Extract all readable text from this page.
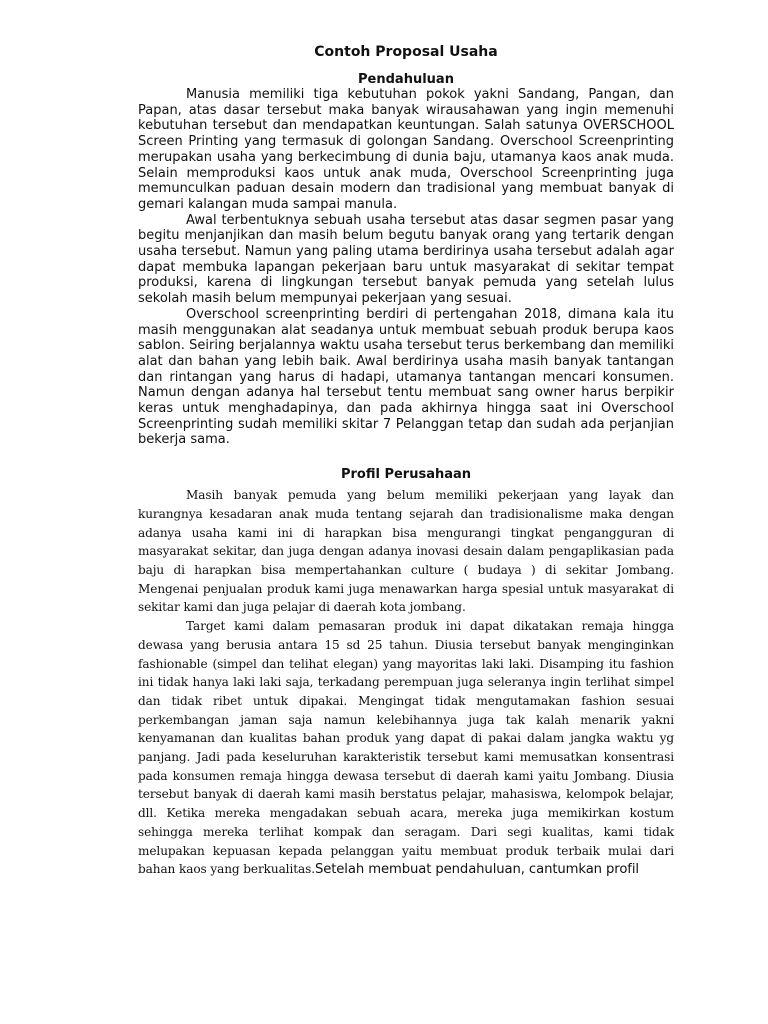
Contoh Proposal Usaha
Pendahuluan

Manusia memiliki tiga kebutuhan pokok yakni Sandang, Pangan, dan Papan, atas dasar tersebut maka banyak wirausahawan yang ingin memenuhi kebutuhan tersebut dan mendapatkan keuntungan. Salah satunya OVERSCHOOL Screen Printing yang termasuk di golongan Sandang. Overschool Screenprinting merupakan usaha yang berkecimbung di dunia baju, utamanya kaos anak muda. Selain memproduksi kaos untuk anak muda, Overschool Screenprinting juga memunculkan paduan desain modern dan tradisional yang membuat banyak di gemari kalangan muda sampai manula.

Awal terbentuknya sebuah usaha tersebut atas dasar segmen pasar yang begitu menjanjikan dan masih belum begutu banyak orang yang tertarik dengan usaha tersebut. Namun yang paling utama berdirinya usaha tersebut adalah agar dapat membuka lapangan pekerjaan baru untuk masyarakat di sekitar tempat produksi, karena di lingkungan tersebut banyak pemuda yang setelah lulus sekolah masih belum mempunyai pekerjaan yang sesuai.

Overschool screenprinting berdiri di pertengahan 2018, dimana kala itu masih menggunakan alat seadanya untuk membuat sebuah produk berupa kaos sablon. Seiring berjalannya waktu usaha tersebut terus berkembang dan memiliki alat dan bahan yang lebih baik. Awal berdirinya usaha masih banyak tantangan dan rintangan yang harus di hadapi, utamanya tantangan mencari konsumen. Namun dengan adanya hal tersebut tentu membuat sang owner harus berpikir keras untuk menghadapinya, dan pada akhirnya hingga saat ini Overschool Screenprinting sudah memiliki skitar 7 Pelanggan tetap dan sudah ada perjanjian bekerja sama.

Profil Perusahaan

Masih banyak pemuda yang belum memiliki pekerjaan yang layak dan kurangnya kesadaran anak muda tentang sejarah dan tradisionalisme maka dengan adanya usaha kami ini di harapkan bisa mengurangi tingkat pengangguran di masyarakat sekitar, dan juga dengan adanya inovasi desain dalam pengaplikasian pada baju di harapkan bisa mempertahankan culture ( budaya ) di sekitar Jombang. Mengenai penjualan produk kami juga menawarkan harga spesial untuk masyarakat di sekitar kami dan juga pelajar di daerah kota jombang.

Target kami dalam pemasaran produk ini dapat dikatakan remaja hingga dewasa yang berusia antara 15 sd 25 tahun. Diusia tersebut banyak menginginkan fashionable (simpel dan telihat elegan) yang mayoritas laki laki. Disamping itu fashion ini tidak hanya laki laki saja, terkadang perempuan juga seleranya ingin terlihat simpel dan tidak ribet untuk dipakai. Mengingat tidak mengutamakan fashion sesuai perkembangan jaman saja namun kelebihannya juga tak kalah menarik yakni kenyamanan dan kualitas bahan produk yang dapat di pakai dalam jangka waktu yg panjang. Jadi pada keseluruhan karakteristik tersebut kami memusatkan konsentrasi pada konsumen remaja hingga dewasa tersebut di daerah kami yaitu Jombang. Diusia tersebut banyak di daerah kami masih berstatus pelajar, mahasiswa, kelompok belajar, dll. Ketika mereka mengadakan sebuah acara, mereka juga memikirkan kostum sehingga mereka terlihat kompak dan seragam. Dari segi kualitas, kami tidak melupakan kepuasan kepada pelanggan yaitu membuat produk terbaik mulai dari bahan kaos yang berkualitas.Setelah membuat pendahuluan, cantumkan profil
